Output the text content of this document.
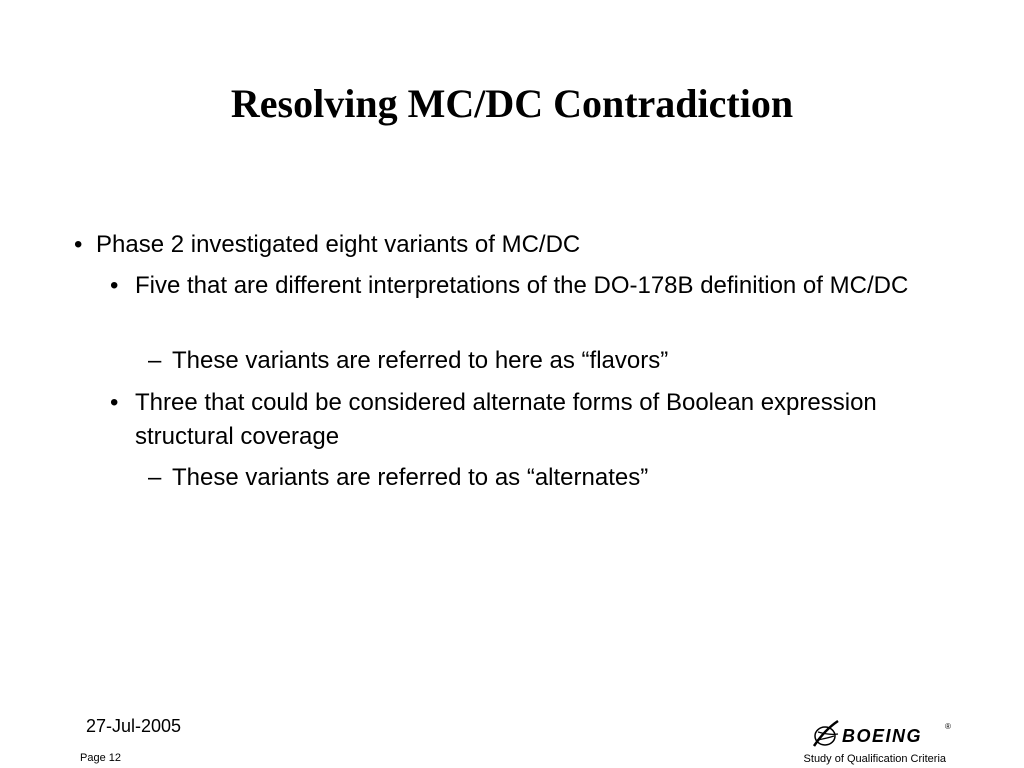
Resolving MC/DC Contradiction
• Phase 2 investigated eight variants of MC/DC
• Five that are different interpretations of the DO-178B definition of MC/DC
– These variants are referred to here as “flavors”
• Three that could be considered alternate forms of Boolean expression structural coverage
– These variants are referred to as “alternates”
27-Jul-2005
Page 12	Study of Qualification Criteria
BOEING	®
